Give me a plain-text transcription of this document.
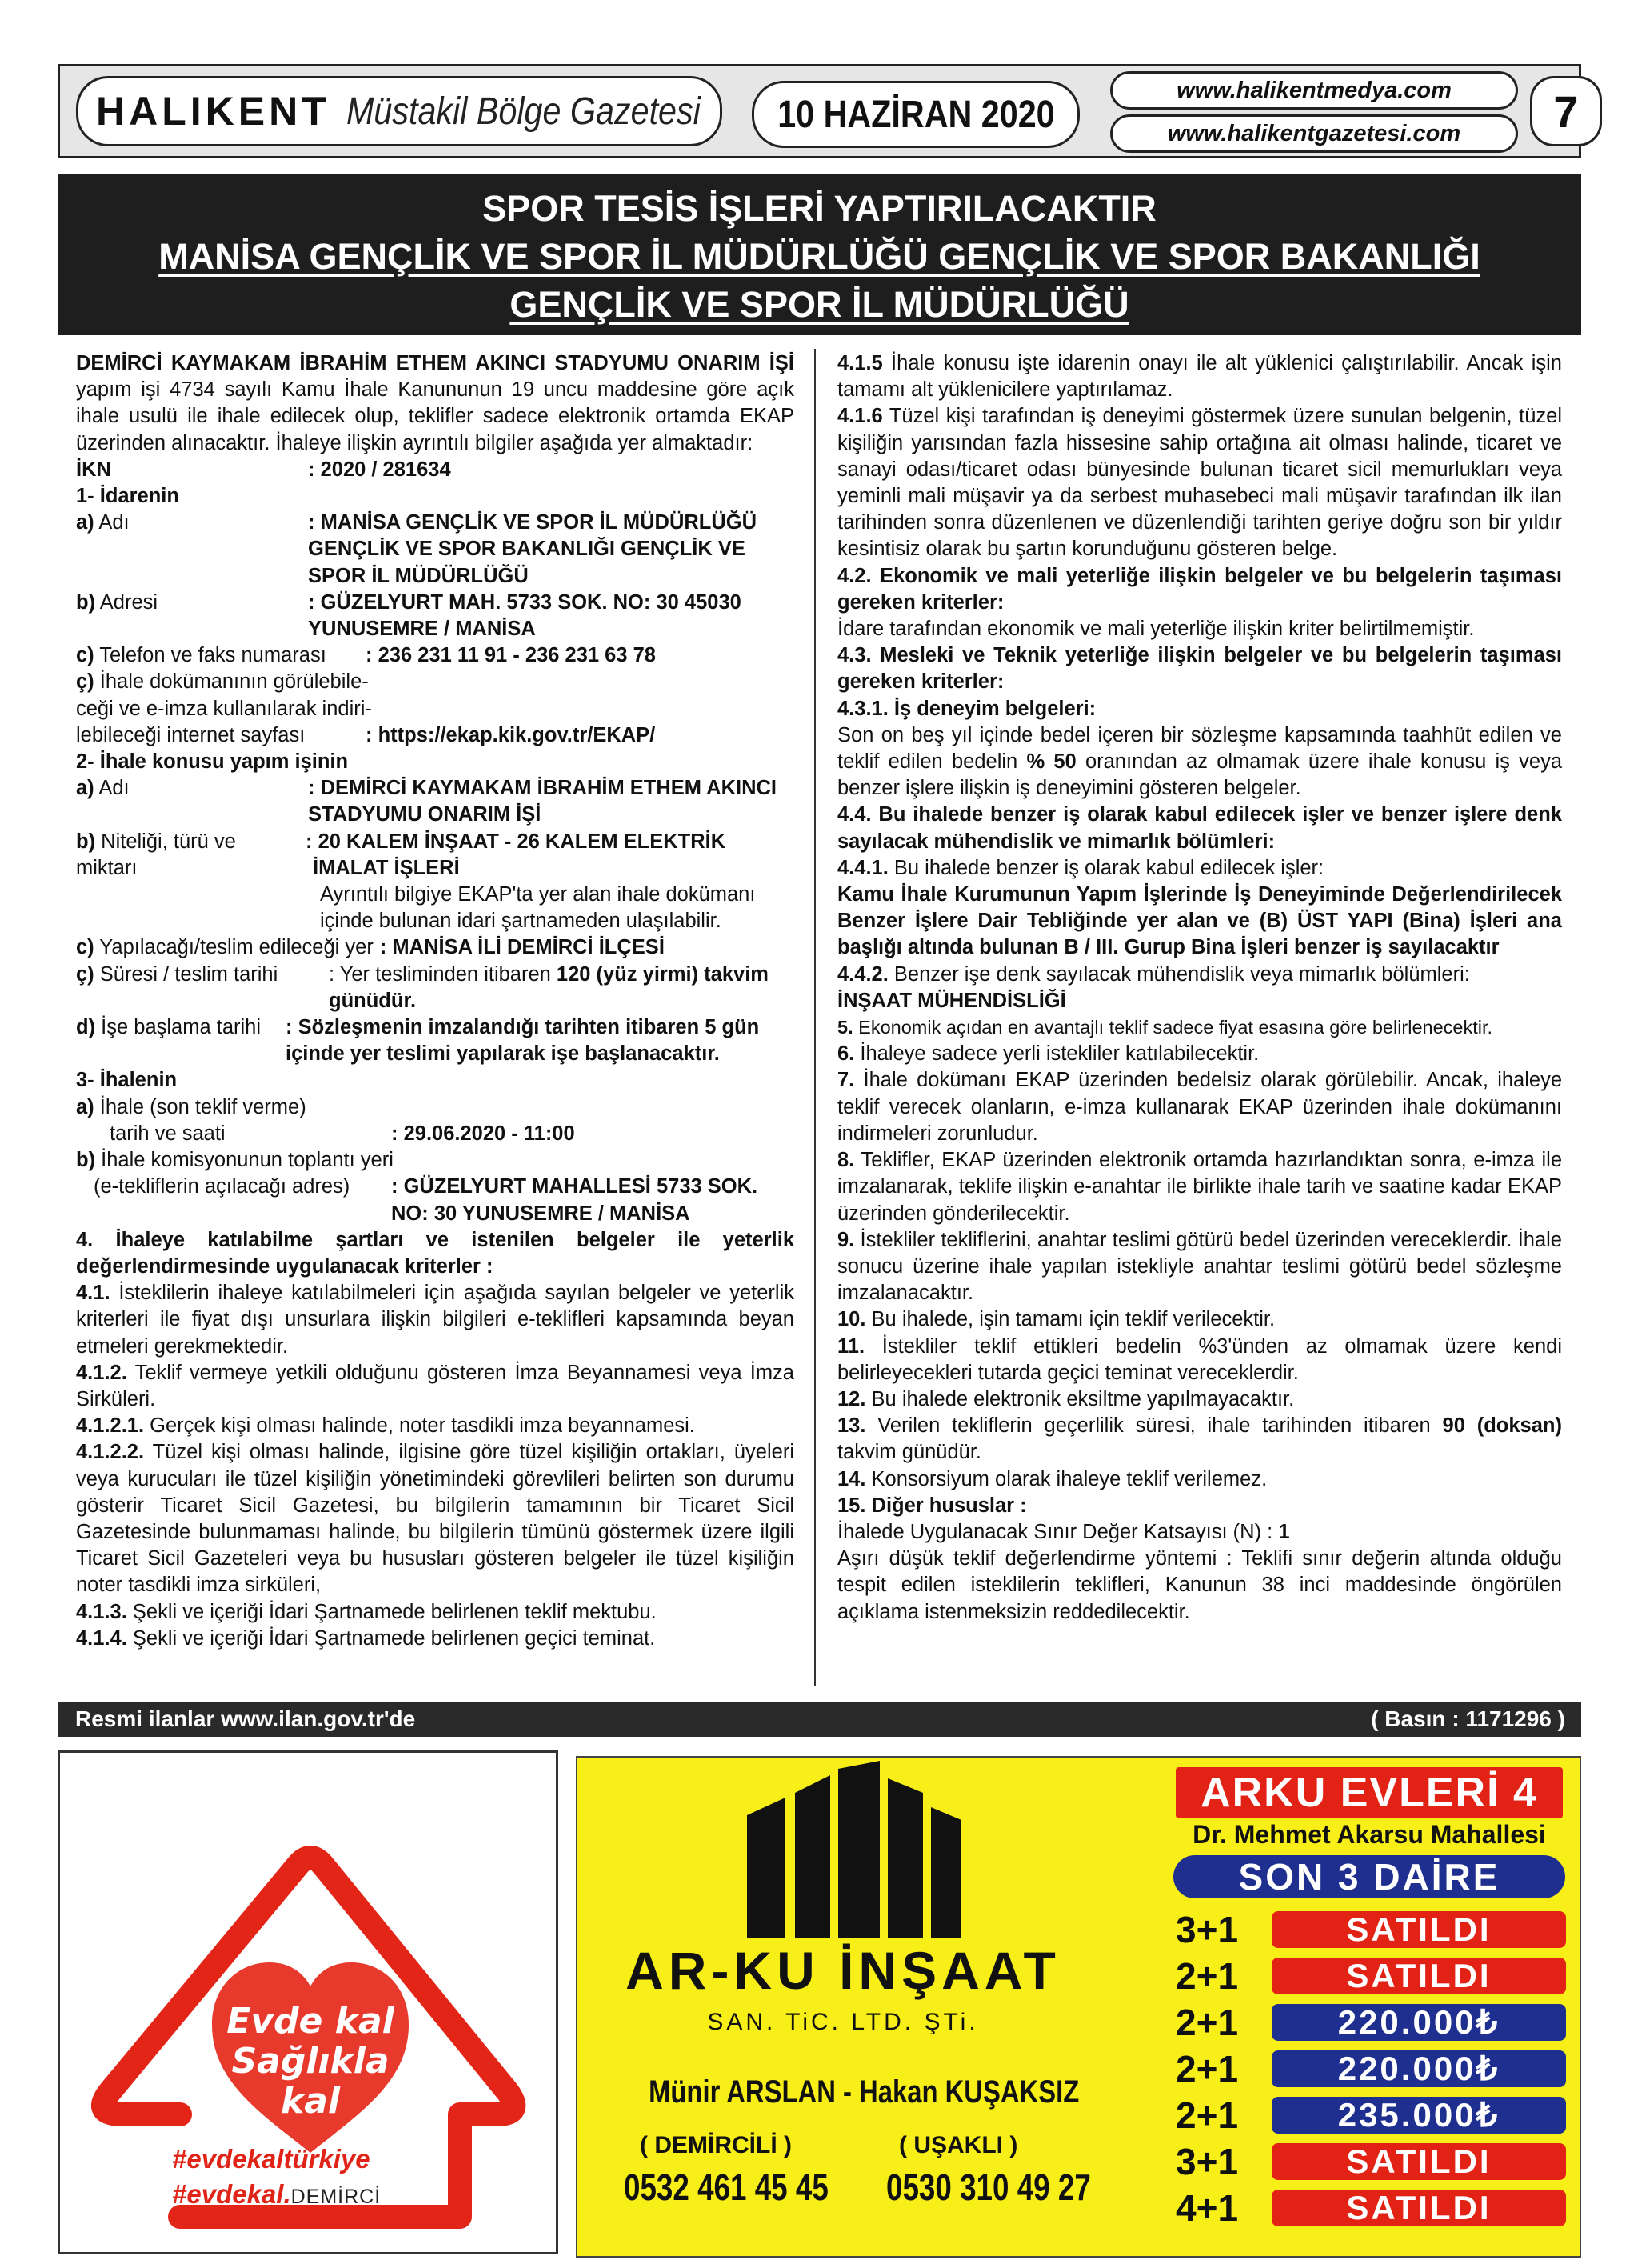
HALIKENT Müstakil Bölge Gazetesi 10 HAZİRAN 2020
www.halikentmedya.com
www.halikentgazetesi.com	7
SPOR TESİS İŞLERİ YAPTIRILACAKTIR
MANİSA GENÇLİK VE SPOR İL MÜDÜRLÜĞÜ GENÇLİK VE SPOR BAKANLIĞI
GENÇLİK VE SPOR İL MÜDÜRLÜĞÜ

DEMİRCİ KAYMAKAM İBRAHİM ETHEM AKINCI STADYUMU ONARIM İŞİ yapım işi 4734 sayılı Kamu İhale Kanununun 19 uncu maddesine göre açık ihale usulü ile ihale edilecek olup, teklifler sadece elektronik ortamda EKAP üzerinden alınacaktır. İhaleye ilişkin ayrıntılı bilgiler aşağıda yer almaktadır:

İKN	: 2020 / 281634
1- İdarenin
a) Adı	: MANİSA GENÇLİK VE SPOR İL MÜDÜRLÜĞÜ GENÇLİK VE SPOR BAKANLIĞI GENÇLİK VE SPOR İL MÜDÜRLÜĞÜ
b) Adresi	: GÜZELYURT MAH. 5733 SOK. NO: 30 45030 YUNUSEMRE / MANİSA
c) Telefon ve faks numarası	: 236 231 11 91 - 236 231 63 78
ç) İhale dokümanının görülebile-
ceği ve e-imza kullanılarak indiri-
lebileceği internet sayfası	: https://ekap.kik.gov.tr/EKAP/
2- İhale konusu yapım işinin
a) Adı	: DEMİRCİ KAYMAKAM İBRAHİM ETHEM AKINCI STADYUMU ONARIM İŞİ
b) Niteliği, türü ve miktarı
: 20 KALEM İNŞAAT - 26 KALEM ELEKTRİK İMALAT İŞLERİ
Ayrıntılı bilgiye EKAP'ta yer alan ihale dokümanı içinde bulunan idari şartnameden ulaşılabilir.
c) Yapılacağı/teslim edileceği yer : MANİSA İLİ DEMİRCİ İLÇESİ
ç) Süresi / teslim tarihi	: Yer tesliminden itibaren 120 (yüz yirmi) takvim günüdür.
d) İşe başlama tarihi	: Sözleşmenin imzalandığı tarihten itibaren 5 gün içinde yer teslimi yapılarak işe başlanacaktır.
3- İhalenin
a) İhale (son teklif verme)
tarih ve saati	: 29.06.2020 - 11:00
b) İhale komisyonunun toplantı yeri
(e-tekliflerin açılacağı adres)	: GÜZELYURT MAHALLESİ 5733 SOK. NO: 30 YUNUSEMRE / MANİSA

4. İhaleye katılabilme şartları ve istenilen belgeler ile yeterlik değerlendirmesinde uygulanacak kriterler :

4.1. İsteklilerin ihaleye katılabilmeleri için aşağıda sayılan belgeler ve yeterlik kriterleri ile fiyat dışı unsurlara ilişkin bilgileri e-teklifleri kapsamında beyan etmeleri gerekmektedir.

4.1.2. Teklif vermeye yetkili olduğunu gösteren İmza Beyannamesi veya İmza Sirküleri.

4.1.2.1. Gerçek kişi olması halinde, noter tasdikli imza beyannamesi.

4.1.2.2. Tüzel kişi olması halinde, ilgisine göre tüzel kişiliğin ortakları, üyeleri veya kurucuları ile tüzel kişiliğin yönetimindeki görevlileri belirten son durumu gösterir Ticaret Sicil Gazetesi, bu bilgilerin tamamının bir Ticaret Sicil Gazetesinde bulunmaması halinde, bu bilgilerin tümünü göstermek üzere ilgili Ticaret Sicil Gazeteleri veya bu hususları gösteren belgeler ile tüzel kişiliğin noter tasdikli imza sirküleri,

4.1.3. Şekli ve içeriği İdari Şartnamede belirlenen teklif mektubu.

4.1.4. Şekli ve içeriği İdari Şartnamede belirlenen geçici teminat.

4.1.5 İhale konusu işte idarenin onayı ile alt yüklenici çalıştırılabilir. Ancak işin tamamı alt yüklenicilere yaptırılamaz.

4.1.6 Tüzel kişi tarafından iş deneyimi göstermek üzere sunulan belgenin, tüzel kişiliğin yarısından fazla hissesine sahip ortağına ait olması halinde, ticaret ve sanayi odası/ticaret odası bünyesinde bulunan ticaret sicil memurlukları veya yeminli mali müşavir ya da serbest muhasebeci mali müşavir tarafından ilk ilan tarihinden sonra düzenlenen ve düzenlendiği tarihten geriye doğru son bir yıldır kesintisiz olarak bu şartın korunduğunu gösteren belge.

4.2. Ekonomik ve mali yeterliğe ilişkin belgeler ve bu belgelerin taşıması gereken kriterler:

İdare tarafından ekonomik ve mali yeterliğe ilişkin kriter belirtilmemiştir.

4.3. Mesleki ve Teknik yeterliğe ilişkin belgeler ve bu belgelerin taşıması gereken kriterler:

4.3.1. İş deneyim belgeleri:

Son on beş yıl içinde bedel içeren bir sözleşme kapsamında taahhüt edilen ve teklif edilen bedelin % 50 oranından az olmamak üzere ihale konusu iş veya benzer işlere ilişkin iş deneyimini gösteren belgeler.

4.4. Bu ihalede benzer iş olarak kabul edilecek işler ve benzer işlere denk sayılacak mühendislik ve mimarlık bölümleri:

4.4.1. Bu ihalede benzer iş olarak kabul edilecek işler:

Kamu İhale Kurumunun Yapım İşlerinde İş Deneyiminde Değerlendirilecek Benzer İşlere Dair Tebliğinde yer alan ve (B) ÜST YAPI (Bina) İşleri ana başlığı altında bulunan B / III. Gurup Bina İşleri benzer iş sayılacaktır

4.4.2. Benzer işe denk sayılacak mühendislik veya mimarlık bölümleri:

İNŞAAT MÜHENDİSLİĞİ

5. Ekonomik açıdan en avantajlı teklif sadece fiyat esasına göre belirlenecektir.

6. İhaleye sadece yerli istekliler katılabilecektir.

7. İhale dokümanı EKAP üzerinden bedelsiz olarak görülebilir. Ancak, ihaleye teklif verecek olanların, e-imza kullanarak EKAP üzerinden ihale dokümanını indirmeleri zorunludur.

8. Teklifler, EKAP üzerinden elektronik ortamda hazırlandıktan sonra, e-imza ile imzalanarak, teklife ilişkin e-anahtar ile birlikte ihale tarih ve saatine kadar EKAP üzerinden gönderilecektir.

9. İstekliler tekliflerini, anahtar teslimi götürü bedel üzerinden vereceklerdir. İhale sonucu üzerine ihale yapılan istekliyle anahtar teslimi götürü bedel sözleşme imzalanacaktır.

10. Bu ihalede, işin tamamı için teklif verilecektir.

11. İstekliler teklif ettikleri bedelin %3'ünden az olmamak üzere kendi belirleyecekleri tutarda geçici teminat vereceklerdir.

12. Bu ihalede elektronik eksiltme yapılmayacaktır.

13. Verilen tekliflerin geçerlilik süresi, ihale tarihinden itibaren 90 (doksan) takvim günüdür.

14. Konsorsiyum olarak ihaleye teklif verilemez.

15. Diğer hususlar :

İhalede Uygulanacak Sınır Değer Katsayısı (N) : 1

Aşırı düşük teklif değerlendirme yöntemi : Teklifi sınır değerin altında olduğu tespit edilen isteklilerin teklifleri, Kanunun 38 inci maddesinde öngörülen açıklama istenmeksizin reddedilecektir.

Resmi ilanlar www.ilan.gov.tr'de	( Basın : 1171296 )
Evde kal
Sağlıkla
kal
#evdekaltürkiye
#evdekal.DEMİRCİ
AR-KU İNŞAAT
SAN. TiC. LTD. ŞTi.
Münir ARSLAN - Hakan KUŞAKSIZ
( DEMİRCİLİ )	( UŞAKLI )
0532 461 45 45	0530 310 49 27
ARKU EVLERİ 4
Dr. Mehmet Akarsu Mahallesi
SON 3 DAİRE
3+1	SATILDI
2+1	SATILDI
2+1	220.000₺
2+1	220.000₺
2+1	235.000₺
3+1	SATILDI
4+1	SATILDI
